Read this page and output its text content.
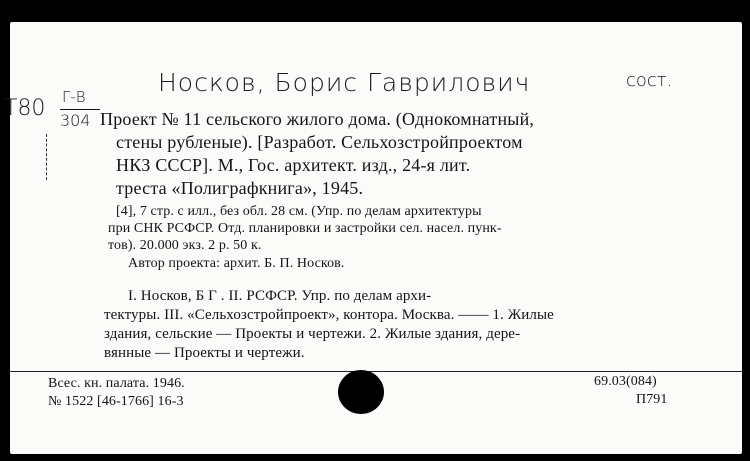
Носков, Борис Гаврилович	сост.
Т80 Г-В
304 Проект № 11 сельского жилого дома. (Однокомнатный,
стены рубленые). [Разработ. Сельхозстройпроектом
НКЗ СССР]. М., Гос. архитект. изд., 24-я лит.
треста «Полиграфкнига», 1945.
[4], 7 стр. с илл., без обл. 28 см. (Упр. по делам архитектуры
при СНК РСФСР. Отд. планировки и застройки сел. насел. пунк-
тов). 20.000 экз. 2 р. 50 к.
Автор проекта: архит. Б. П. Носков.
I. Носков, Б Г . II. РСФСР. Упр. по делам архи-
тектуры. III. «Сельхозстройпроект», контора. Москва. —— 1. Жилые
здания, сельские — Проекты и чертежи. 2. Жилые здания, дере-
вянные — Проекты и чертежи.
Всес. кн. палата. 1946.
№ 1522 [46-1766] 16-3
69.03(084)
П791
